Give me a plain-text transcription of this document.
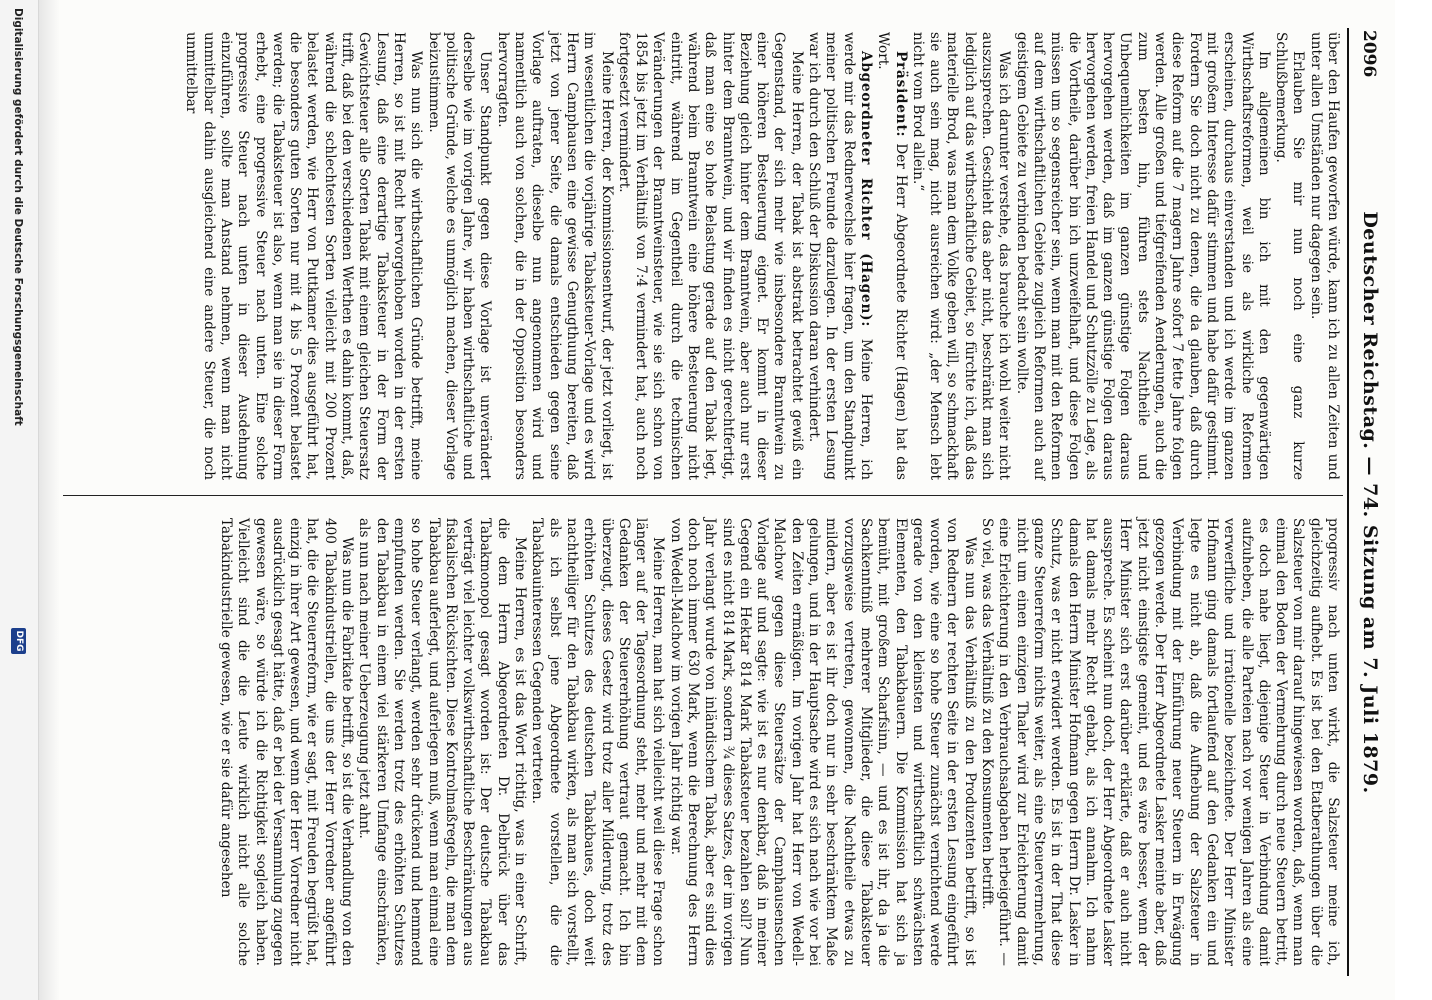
2096
Deutscher Reichstag. — 74. Sitzung am 7. Juli 1879.

über den Haufen geworfen würde, kann ich zu allen Zeiten und unter allen Umständen nur dagegen sein.

Erlauben Sie mir nun noch eine ganz kurze Schlußbemerkung.

Im allgemeinen bin ich mit den gegenwärtigen Wirthschaftsreformen, weil sie als wirkliche Reformen erscheinen, durchaus einverstanden und ich werde im ganzen mit großem Interesse dafür stimmen und habe dafür gestimmt. Fordern Sie doch nicht zu denen, die da glauben, daß durch diese Reform auf die 7 magern Jahre sofort 7 fette Jahre folgen werden. Alle großen und tiefgreifenden Aenderungen, auch die zum besten hin, führen stets Nachtheile und Unbequemlichkeiten im ganzen günstige Folgen daraus hervorgehen werden, daß im ganzen günstige Folgen daraus hervorgehen werden, freien Handel und Schutzzölle zu Lage, als die Vortheile, darüber bin ich unzweifelhaft, und diese Folgen müssen um so segensreicher sein, wenn man mit den Reformen auf dem wirthschaftlichen Gebiete zugleich Reformen auch auf geistigem Gebiete zu verbinden bedacht sein wollte.

Was ich darunter verstehe, das brauche ich wohl weiter nicht auszusprechen. Geschieht das aber nicht, beschränkt man sich lediglich auf das wirthschaftliche Gebiet, so fürchte ich, daß das materielle Brod, was man dem Volke geben will, so schmackhaft sie auch sein mag, nicht ausreichen wird: „der Mensch lebt nicht vom Brod allein.“

Präsident: Der Herr Abgeordnete Richter (Hagen) hat das Wort.

Abgeordneter Richter (Hagen): Meine Herren, ich werde mir das Rednerwechsle hier fragen, um den Standpunkt meiner politischen Freunde darzulegen. In der ersten Lesung war ich durch den Schluß der Diskussion daran verhindert.

Meine Herren, der Tabak ist abstrakt betrachtet gewiß ein Gegenstand, der sich mehr wie insbesondere Branntwein zu einer höheren Besteuerung eignet. Er kommt in dieser Beziehung gleich hinter dem Branntwein, aber auch nur erst hinter dem Branntwein, und wir finden es nicht gerechtfertigt, daß man eine so hohe Belastung gerade auf den Tabak legt, während beim Branntwein eine höhere Besteuerung nicht eintritt, während im Gegentheil durch die technischen Veränderungen der Branntweinsteuer, wie sie sich schon von 1854 bis jetzt im Verhältniß von 7:4 vermindert hat, auch noch fortgesetzt vermindert.

Meine Herren, der Kommissionsentwurf, der jetzt vorliegt, ist im wesentlichen die vorjährige Tabaksteuer-Vorlage und es wird Herrn Camphausen eine gewisse Genugthuung bereiten, daß jetzt von jener Seite, die damals entschieden gegen seine Vorlage auftraten, dieselbe nun angenommen wird und namentlich auch von solchen, die in der Opposition besonders hervorragten.

Unser Standpunkt gegen diese Vorlage ist unverändert derselbe wie im vorigen Jahre, wir haben wirthschaftliche und politische Gründe, welche es unmöglich machen, dieser Vorlage beizustimmen.

Was nun sich die wirthschaftlichen Gründe betrifft, meine Herren, so ist mit Recht hervorgehoben worden in der ersten Lesung, daß eine derartige Tabaksteuer in der Form der Gewichtsteuer alle Sorten Tabak mit einem gleichen Steuersatz trifft, daß bei den verschiedenen Werthen es dahin kommt, daß, während die schlechtesten Sorten vielleicht mit 200 Prozent belastet werden, wie Herr von Puttkamer dies ausgeführt hat, die besonders guten Sorten nur mit 4 bis 5 Prozent belastet werden; die Tabaksteuer ist also, wenn man sie in dieser Form erhebt, eine progressive Steuer nach unten. Eine solche progressive Steuer nach unten in dieser Ausdehnung einzuführen, sollte man Anstand nehmen, wenn man nicht unmittelbar dahin ausgleichend eine andere Steuer, die noch unmittelbar

progressiv nach unten wirkt, die Salzsteuer meine ich, gleichzeitig aufhebt. Es ist bei den Etatberathungen über die Salzsteuer von mir darauf hingewiesen worden, daß, wenn man einmal den Boden der Vermehrung durch neue Steuern betritt, es doch nahe liegt, diejenige Steuer in Verbindung damit aufzuheben, die alle Parteien nach vor wenigen Jahren als eine verwerfliche und irrationelle bezeichnete. Der Herr Minister Hofmann ging damals fortlaufend auf den Gedanken ein und legte es nicht ab, daß die Aufhebung der Salzsteuer in Verbindung mit der Einführung neuer Steuern in Erwägung gezogen werde. Der Herr Abgeordnete Lasker meinte aber, daß jetzt nicht einstigste gemeint, und es wäre besser, wenn der Herr Minister sich erst darüber erklärte, daß er auch nicht ausspreche. Es scheint nun doch, der Herr Abgeordnete Lasker hat damals mehr Recht gehabt, als ich annahm. Ich nahm damals den Herrn Minister Hofmann gegen Herrn Dr. Lasker in Schutz, was er nicht erwidert werden. Es ist in der That diese ganze Steuerreform nichts weiter, als eine Steuervermehrung, nicht um einen einzigen Thaler wird zur Erleichterung damit eine Erleichterung in den Verbrauchsabgaben herbeigeführt. — So viel, was das Verhältniß zu den Konsumenten betrifft.

Was nun das Verhältniß zu den Produzenten betrifft, so ist von Rednern der rechten Seite in der ersten Lesung eingeführt worden, wie eine so hohe Steuer zunächst vernichtend werde gerade von den kleinsten und wirthschaftlich schwächsten Elementen, den Tabakbauern. Die Kommission hat sich ja bemüht, mit großem Scharfsinn, — und es ist ihr, da ja die Sachkenntniß mehrerer Mitglieder, die diese Tabaksteuer vorzugsweise vertreten, gewonnen, die Nachtheile etwas zu mildern, aber es ist ihr doch nur in sehr beschränktem Maße gelungen, und in der Hauptsache wird es sich nach wie vor bei den Zeiten ermäßigen. Im vorigen Jahr hat Herr von Wedell-Malchow gegen diese Steuersätze der Camphausenschen Vorlage auf und sagte: wie ist es nur denkbar, daß in meiner Gegend ein Hektar 814 Mark Tabaksteuer bezahlen soll? Nun sind es nicht 814 Mark, sondern ¾ dieses Satzes, der im vorigen Jahr verlangt wurde von inländischem Tabak, aber es sind dies doch noch immer 630 Mark, wenn die Berechnung des Herrn von Wedell-Malchow im vorigen Jahr richtig war.

Meine Herren, man hat sich vielleicht weil diese Frage schon länger auf der Tagesordnung steht, mehr und mehr mit dem Gedanken der Steuererhöhung vertraut gemacht. Ich bin überzeugt, dieses Gesetz wird trotz aller Milderung, trotz des erhöhten Schutzes des deutschen Tabakbaues, doch weit nachtheiliger für den Tabakbau wirken, als man sich vorstellt, als ich selbst jene Abgeordnete vorstellen, die die Tabakbauinteressen Gegenden vertreten.

Meine Herren, es ist das Wort richtig, was in einer Schrift, die dem Herrn Abgeordneten Dr. Delbrück über das Tabakmonopol gesagt worden ist: Der deutsche Tabakbau verträgt viel leichter volkswirthschaftliche Beschränkungen aus fiskalischen Rücksichten. Diese Kontrolmaßregeln, die man dem Tabakbau auferlegt, und auferlegen muß, wenn man einmal eine so hohe Steuer verlangt, werden sehr drückend und hemmend empfunden werden. Sie werden trotz des erhöhten Schutzes den Tabakbau in einem viel stärkeren Umfange einschränken, als nun nach meiner Ueberzeugung jetzt ahnt.

Was nun die Fabrikate betrifft, so ist die Verhandlung von den 400 Tabakindustriellen, die uns der Herr Vorredner angeführt hat, die die Steuerreform, wie er sagt, mit Freuden begrüßt hat, einzig in ihrer Art gewesen, und wenn der Herr Vorredner nicht ausdrücklich gesagt hätte, daß er bei der Versammlung zugegen gewesen wäre, so würde ich die Richtigkeit sogleich haben. Vielleicht sind die die Leute wirklich nicht alle solche Tabakindustrielle gewesen, wie er sie dafür angesehen

Digitalisierung gefördert durch die Deutsche Forschungsgemeinschaft
DFG
